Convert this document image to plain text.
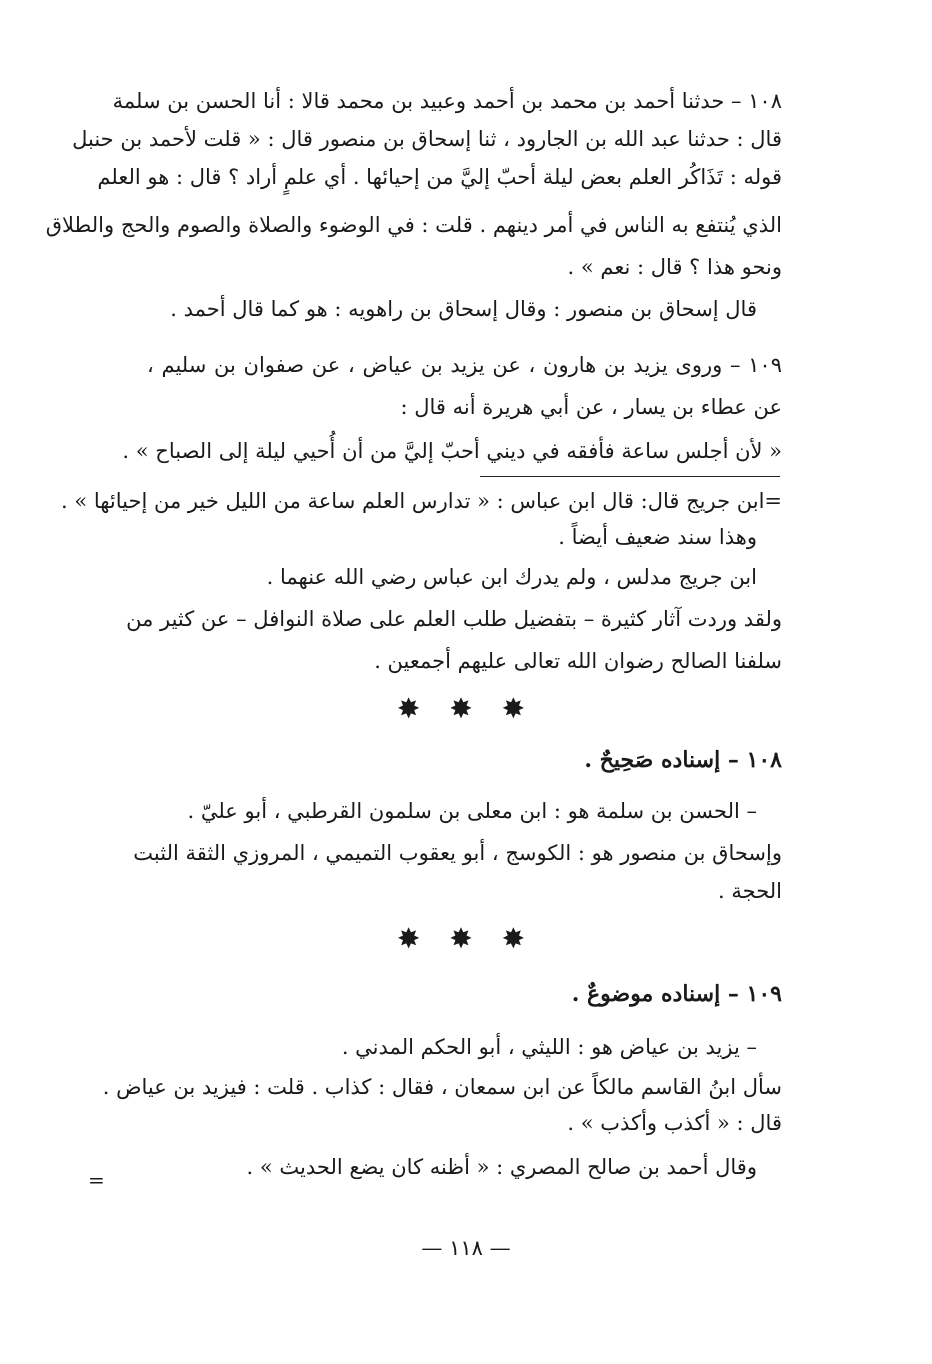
١٠٨ – حدثنا أحمد بن محمد بن أحمد وعبيد بن محمد قالا : أنا الحسن بن سلمة
قال : حدثنا عبد الله بن الجارود ، ثنا إسحاق بن منصور قال : « قلت لأحمد بن حنبل
قوله : تَذَاكُر العلم بعض ليلة أحبّ إليَّ من إحيائها . أي علمٍ أراد ؟ قال : هو العلم
الذي يُنتفع به الناس في أمر دينهم . قلت : في الوضوء والصلاة والصوم والحج والطلاق
ونحو هذا ؟ قال : نعم » .
قال إسحاق بن منصور : وقال إسحاق بن راهويه : هو كما قال أحمد .
١٠٩ – وروى يزيد بن هارون ، عن يزيد بن عياض ، عن صفوان بن سليم ،
عن عطاء بن يسار ، عن أبي هريرة أنه قال :
« لأن أجلس ساعة فأفقه في ديني أحبّ إليَّ من أن أُحيي ليلة إلى الصباح » .
=ابن جريج قال: قال ابن عباس : « تدارس العلم ساعة من الليل خير من إحيائها » .
وهذا سند ضعيف أيضاً .
ابن جريج مدلس ، ولم يدرك ابن عباس رضي الله عنهما .
ولقد وردت آثار كثيرة – بتفضيل طلب العلم على صلاة النوافل – عن كثير من
سلفنا الصالح رضوان الله تعالى عليهم أجمعين .
✸ ✸ ✸
١٠٨ – إسناده صَحِيحٌ .
– الحسن بن سلمة هو : ابن معلى بن سلمون القرطبي ، أبو عليّ .
وإسحاق بن منصور هو : الكوسج ، أبو يعقوب التميمي ، المروزي الثقة الثبت
الحجة .
✸ ✸ ✸
١٠٩ – إسناده موضوعٌ .
– يزيد بن عياض هو : الليثي ، أبو الحكم المدني .
سأل ابنُ القاسم مالكاً عن ابن سمعان ، فقال : كذاب . قلت : فيزيد بن عياض .
قال : « أكذب وأكذب » .
وقال أحمد بن صالح المصري : « أظنه كان يضع الحديث » .
=
— ١١٨ —
